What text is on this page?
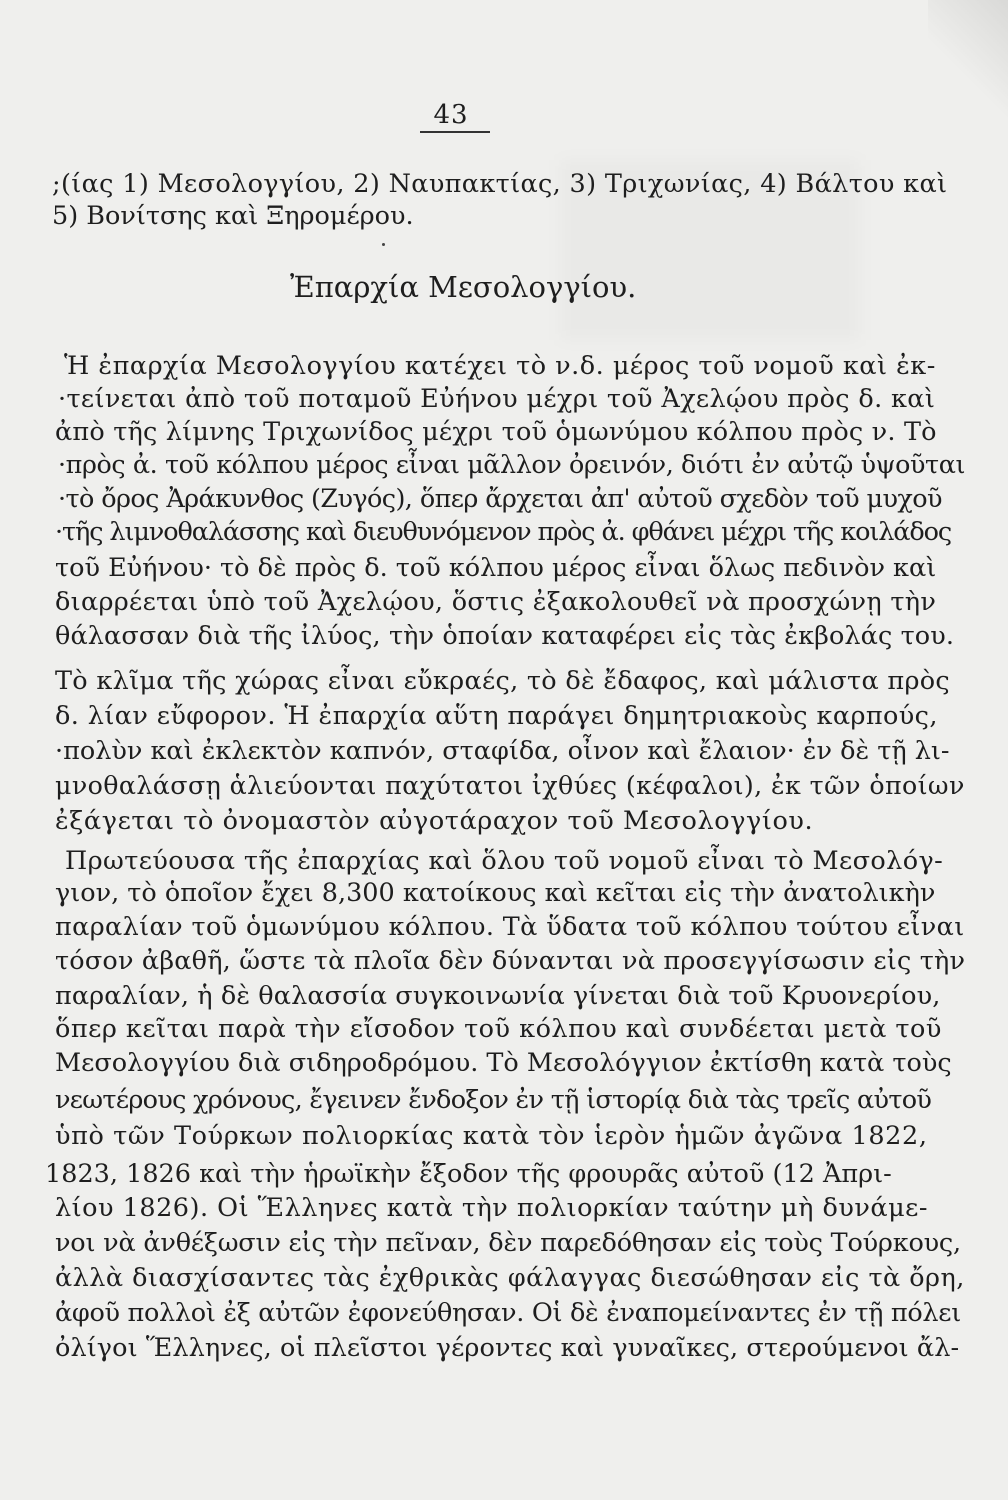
43
;(ίας 1) Μεσολογγίου, 2) Ναυπακτίας, 3) Τριχωνίας, 4) Βάλτου καὶ
5) Βονίτσης καὶ Ξηρομέρου.
Ἐπαρχία Μεσολογγίου.
Ἡ ἐπαρχία Μεσολογγίου κατέχει τὸ ν.δ. μέρος τοῦ νομοῦ καὶ ἐκ-
·τείνεται ἀπὸ τοῦ ποταμοῦ Εὐήνου μέχρι τοῦ Ἀχελῴου πρὸς δ. καὶ
ἀπὸ τῆς λίμνης Τριχωνίδος μέχρι τοῦ ὁμωνύμου κόλπου πρὸς ν. Τὸ
·πρὸς ἀ. τοῦ κόλπου μέρος εἶναι μᾶλλον ὀρεινόν, διότι ἐν αὐτῷ ὑψοῦται
·τὸ ὄρος Ἀράκυνθος (Ζυγός), ὅπερ ἄρχεται ἀπ' αὐτοῦ σχεδὸν τοῦ μυχοῦ
·τῆς λιμνοθαλάσσης καὶ διευθυνόμενον πρὸς ἀ. φθάνει μέχρι τῆς κοιλάδος
τοῦ Εὐήνου· τὸ δὲ πρὸς δ. τοῦ κόλπου μέρος εἶναι ὅλως πεδινὸν καὶ
διαρρέεται ὑπὸ τοῦ Ἀχελῴου, ὅστις ἐξακολουθεῖ νὰ προσχώνῃ τὴν
θάλασσαν διὰ τῆς ἰλύος, τὴν ὁποίαν καταφέρει εἰς τὰς ἐκβολάς του.
Τὸ κλῖμα τῆς χώρας εἶναι εὔκραές, τὸ δὲ ἔδαφος, καὶ μάλιστα πρὸς
δ. λίαν εὔφορον. Ἡ ἐπαρχία αὕτη παράγει δημητριακοὺς καρπούς,
·πολὺν καὶ ἐκλεκτὸν καπνόν, σταφίδα, οἶνον καὶ ἔλαιον· ἐν δὲ τῇ λι-
μνοθαλάσσῃ ἁλιεύονται παχύτατοι ἰχθύες (κέφαλοι), ἐκ τῶν ὁποίων
ἐξάγεται τὸ ὀνομαστὸν αὐγοτάραχον τοῦ Μεσολογγίου.
Πρωτεύουσα τῆς ἐπαρχίας καὶ ὅλου τοῦ νομοῦ εἶναι τὸ Μεσολόγ-
γιον, τὸ ὁποῖον ἔχει 8,300 κατοίκους καὶ κεῖται εἰς τὴν ἀνατολικὴν
παραλίαν τοῦ ὁμωνύμου κόλπου. Τὰ ὕδατα τοῦ κόλπου τούτου εἶναι
τόσον ἀβαθῆ, ὥστε τὰ πλοῖα δὲν δύνανται νὰ προσεγγίσωσιν εἰς τὴν
παραλίαν, ἡ δὲ θαλασσία συγκοινωνία γίνεται διὰ τοῦ Κρυονερίου,
ὅπερ κεῖται παρὰ τὴν εἴσοδον τοῦ κόλπου καὶ συνδέεται μετὰ τοῦ
Μεσολογγίου διὰ σιδηροδρόμου. Τὸ Μεσολόγγιον ἐκτίσθη κατὰ τοὺς
νεωτέρους χρόνους, ἔγεινεν ἔνδοξον ἐν τῇ ἱστορίᾳ διὰ τὰς τρεῖς αὐτοῦ
ὑπὸ τῶν Τούρκων πολιορκίας κατὰ τὸν ἱερὸν ἡμῶν ἀγῶνα 1822,
1823, 1826 καὶ τὴν ἡρωϊκὴν ἔξοδον τῆς φρουρᾶς αὐτοῦ (12 Ἀπρι-
λίου 1826). Οἱ Ἕλληνες κατὰ τὴν πολιορκίαν ταύτην μὴ δυνάμε-
νοι νὰ ἀνθέξωσιν εἰς τὴν πεῖναν, δὲν παρεδόθησαν εἰς τοὺς Τούρκους,
ἀλλὰ διασχίσαντες τὰς ἐχθρικὰς φάλαγγας διεσώθησαν εἰς τὰ ὄρη,
ἀφοῦ πολλοὶ ἐξ αὐτῶν ἐφονεύθησαν. Οἱ δὲ ἐναπομείναντες ἐν τῇ πόλει
ὀλίγοι Ἕλληνες, οἱ πλεῖστοι γέροντες καὶ γυναῖκες, στερούμενοι ἄλ-
